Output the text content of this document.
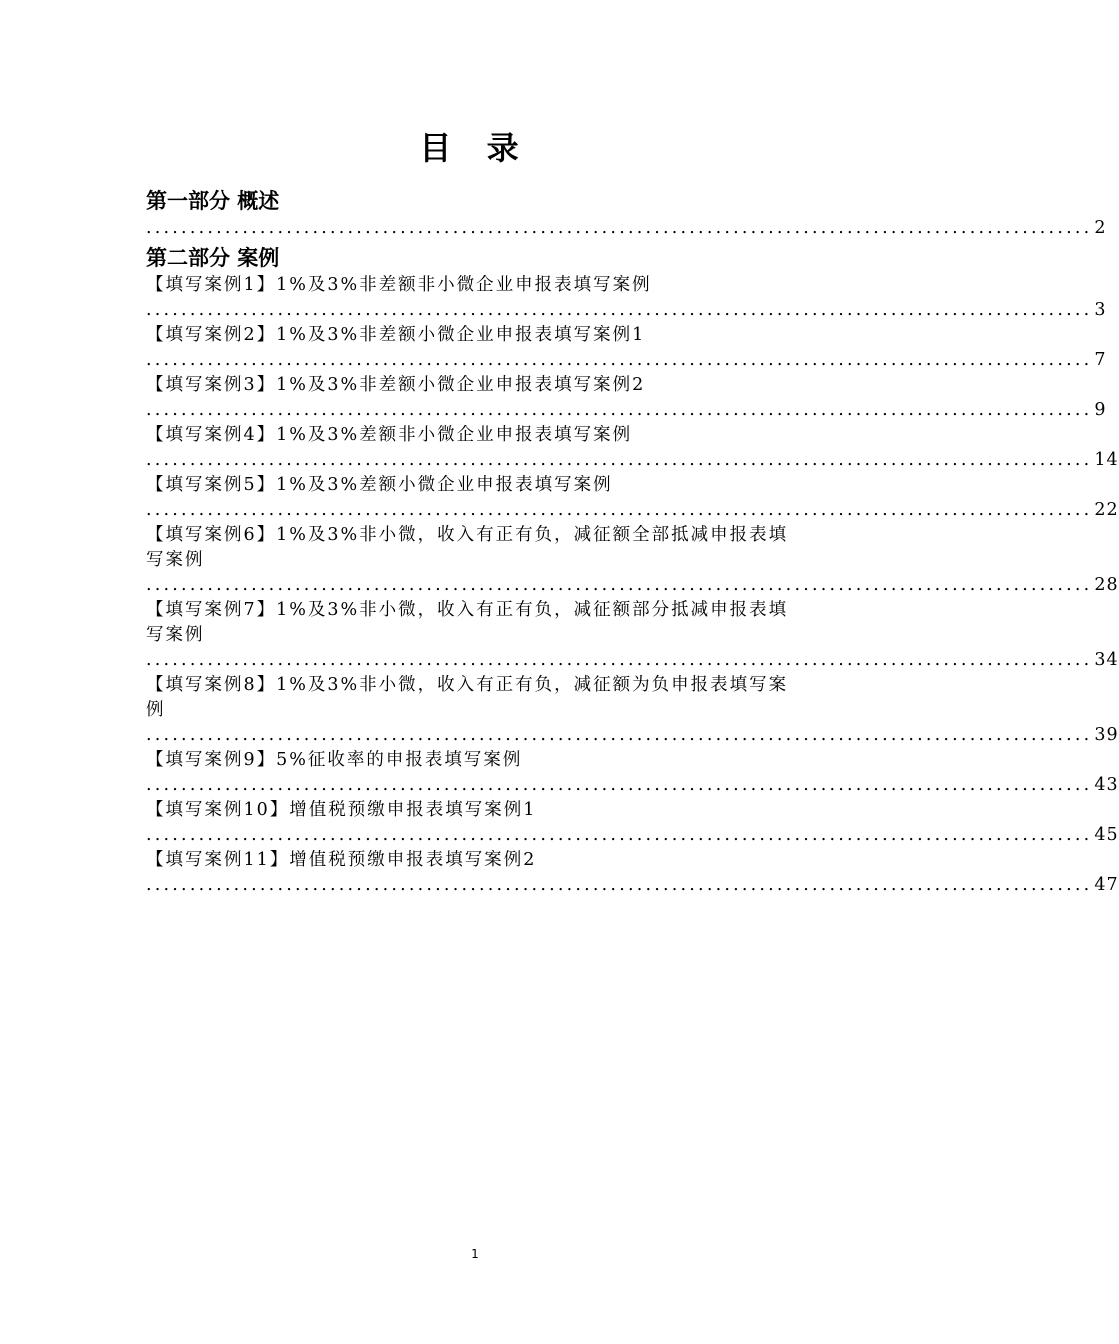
目 录
第一部分 概述
............................................................................................................ 2
第二部分 案例
【填写案例1】1%及3%非差额非小微企业申报表填写案例
............................................................................................................ 3
【填写案例2】1%及3%非差额小微企业申报表填写案例1
............................................................................................................ 7
【填写案例3】1%及3%非差额小微企业申报表填写案例2
............................................................................................................ 9
【填写案例4】1%及3%差额非小微企业申报表填写案例
............................................................................................................ 14
【填写案例5】1%及3%差额小微企业申报表填写案例
............................................................................................................ 22
【填写案例6】1%及3%非小微，收入有正有负，减征额全部抵减申报表填写案例
............................................................................................................ 28
【填写案例7】1%及3%非小微，收入有正有负，减征额部分抵减申报表填写案例
............................................................................................................ 34
【填写案例8】1%及3%非小微，收入有正有负，减征额为负申报表填写案例
............................................................................................................ 39
【填写案例9】5%征收率的申报表填写案例
............................................................................................................ 43
【填写案例10】增值税预缴申报表填写案例1
............................................................................................................ 45
【填写案例11】增值税预缴申报表填写案例2
............................................................................................................ 47
1
